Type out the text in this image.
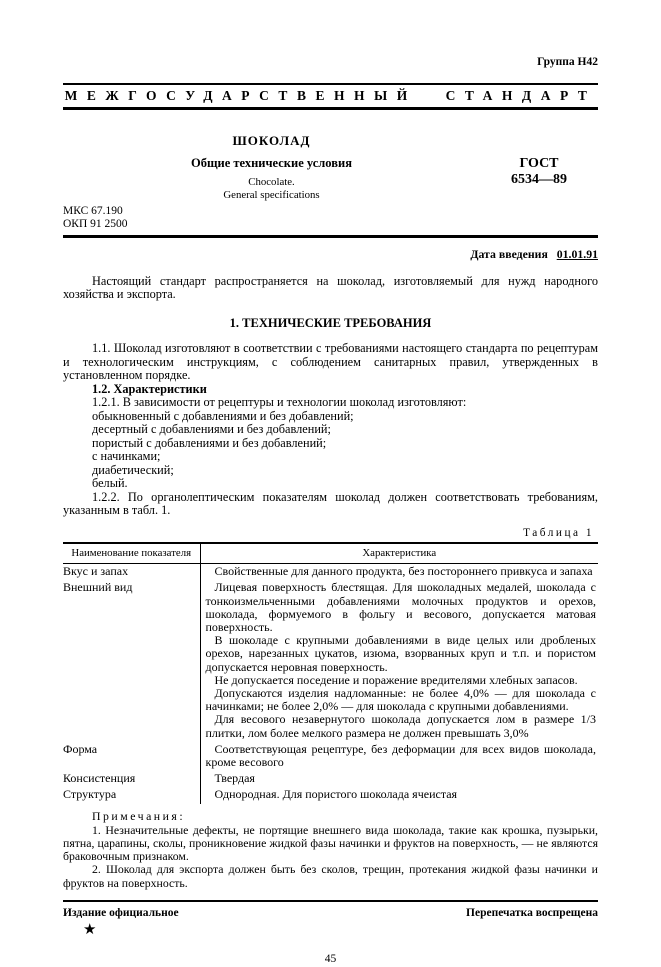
Группа Н42
МЕЖГОСУДАРСТВЕННЫЙ СТАНДАРТ
ШОКОЛАД
Общие технические условия
Chocolate.
General specifications
ГОСТ
6534—89
МКС 67.190
ОКП 91 2500
Дата введения 01.01.91
Настоящий стандарт распространяется на шоколад, изготовляемый для нужд народного хозяйства и экспорта.
1. ТЕХНИЧЕСКИЕ ТРЕБОВАНИЯ
1.1. Шоколад изготовляют в соответствии с требованиями настоящего стандарта по рецептурам и технологическим инструкциям, с соблюдением санитарных правил, утвержденных в установленном порядке.
1.2. Характеристики
1.2.1. В зависимости от рецептуры и технологии шоколад изготовляют:
обыкновенный с добавлениями и без добавлений;
десертный с добавлениями и без добавлений;
пористый с добавлениями и без добавлений;
с начинками;
диабетический;
белый.
1.2.2. По органолептическим показателям шоколад должен соответствовать требованиям, указанным в табл. 1.
Таблица 1
Наименование показателя	Характеристика
Вкус и запах	Свойственные для данного продукта, без постороннего привкуса и запаха

Внешний вид	Лицевая поверхность блестящая. Для шоколадных медалей, шоколада с тонкоизмельченными добавлениями молочных продуктов и орехов, шоколада, формуемого в фольгу и весового, допускается матовая поверхность.

В шоколаде с крупными добавлениями в виде целых или дробленых орехов, нарезанных цукатов, изюма, взорванных круп и т.п. и пористом допускается неровная поверхность.

Не допускается поседение и поражение вредителями хлебных запасов.

Допускаются изделия надломанные: не более 4,0% — для шоколада с начинками; не более 2,0% — для шоколада с крупными добавлениями.

Для весового незавернутого шоколада допускается лом в размере 1/3 плитки, лом более мелкого размера не должен превышать 3,0%

Форма	Соответствующая рецептуре, без деформации для всех видов шоколада, кроме весового

Консистенция	Твердая

Структура	Однородная. Для пористого шоколада ячеистая

Примечания:
1. Незначительные дефекты, не портящие внешнего вида шоколада, такие как крошка, пузырьки, пятна, царапины, сколы, проникновение жидкой фазы начинки и фруктов на поверхность, — не являются браковочным признаком.
2. Шоколад для экспорта должен быть без сколов, трещин, протекания жидкой фазы начинки и фруктов на поверхность.
Издание официальное	Перепечатка воспрещена
★
45
